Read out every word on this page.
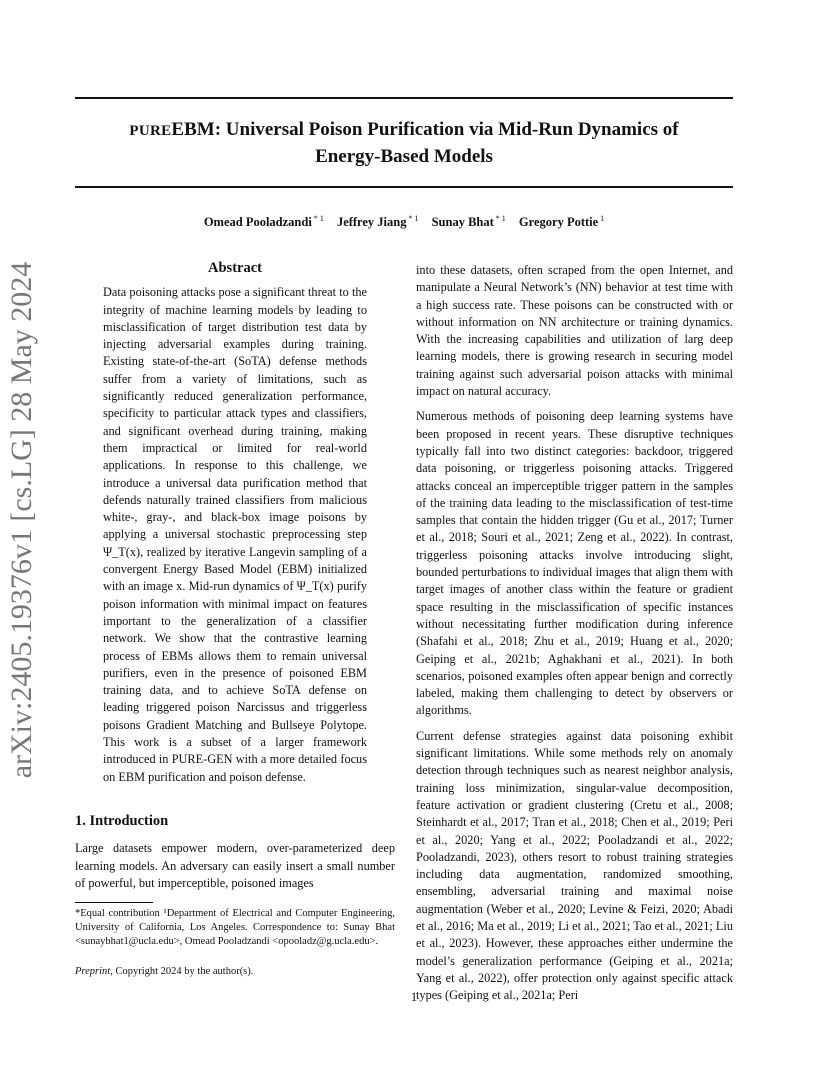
PUREEBM: Universal Poison Purification via Mid-Run Dynamics of
Energy-Based Models
Omead Pooladzandi $^{* 1}$ Jeffrey Jiang $^{* 1}$ Sunay Bhat $^{* 1}$ Gregory Pottie $^1$
arXiv:2405.19376v1 [cs.LG] 28 May 2024	Abstract
Data poisoning attacks pose a significant threat to the integrity of machine learning models by leading to misclassification of target distribution test data by injecting adversarial examples during training. Existing state-of-the-art (SoTA) defense methods suffer from a variety of limitations, such as significantly reduced generalization performance, specificity to particular attack types and classifiers, and significant overhead during training, making them impractical or limited for real-world applications. In response to this challenge, we introduce a universal data purification method that defends naturally trained classifiers from malicious white-, gray-, and black-box image poisons by applying a universal stochastic preprocessing step Ψ_T(x), realized by iterative Langevin sampling of a convergent Energy Based Model (EBM) initialized with an image x. Mid-run dynamics of Ψ_T(x) purify poison information with minimal impact on features important to the generalization of a classifier network. We show that the contrastive learning process of EBMs allows them to remain universal purifiers, even in the presence of poisoned EBM training data, and to achieve SoTA defense on leading triggered poison Narcissus and triggerless poisons Gradient Matching and Bullseye Polytope. This work is a subset of a larger framework introduced in PURE-GEN with a more detailed focus on EBM purification and poison defense.
1. Introduction
Large datasets empower modern, over-parameterized deep learning models. An adversary can easily insert a small number of powerful, but imperceptible, poisoned images
*Equal contribution ¹Department of Electrical and Computer Engineering, University of California, Los Angeles. Correspondence to: Sunay Bhat <sunaybhat1@ucla.edu>, Omead Pooladzandi <opooladz@g.ucla.edu>.
Preprint, Copyright 2024 by the author(s).
into these datasets, often scraped from the open Internet, and manipulate a Neural Network’s (NN) behavior at test time with a high success rate. These poisons can be constructed with or without information on NN architecture or training dynamics. With the increasing capabilities and utilization of larg deep learning models, there is growing research in securing model training against such adversarial poison attacks with minimal impact on natural accuracy.
Numerous methods of poisoning deep learning systems have been proposed in recent years. These disruptive techniques typically fall into two distinct categories: backdoor, triggered data poisoning, or triggerless poisoning attacks. Triggered attacks conceal an imperceptible trigger pattern in the samples of the training data leading to the misclassification of test-time samples that contain the hidden trigger (Gu et al., 2017; Turner et al., 2018; Souri et al., 2021; Zeng et al., 2022). In contrast, triggerless poisoning attacks involve introducing slight, bounded perturbations to individual images that align them with target images of another class within the feature or gradient space resulting in the misclassification of specific instances without necessitating further modification during inference (Shafahi et al., 2018; Zhu et al., 2019; Huang et al., 2020; Geiping et al., 2021b; Aghakhani et al., 2021). In both scenarios, poisoned examples often appear benign and correctly labeled, making them challenging to detect by observers or algorithms.
Current defense strategies against data poisoning exhibit significant limitations. While some methods rely on anomaly detection through techniques such as nearest neighbor analysis, training loss minimization, singular-value decomposition, feature activation or gradient clustering (Cretu et al., 2008; Steinhardt et al., 2017; Tran et al., 2018; Chen et al., 2019; Peri et al., 2020; Yang et al., 2022; Pooladzandi et al., 2022; Pooladzandi, 2023), others resort to robust training strategies including data augmentation, randomized smoothing, ensembling, adversarial training and maximal noise augmentation (Weber et al., 2020; Levine & Feizi, 2020; Abadi et al., 2016; Ma et al., 2019; Li et al., 2021; Tao et al., 2021; Liu et al., 2023). However, these approaches either undermine the model’s generalization performance (Geiping et al., 2021a; Yang et al., 2022), offer protection only against specific attack types (Geiping et al., 2021a; Peri
1
